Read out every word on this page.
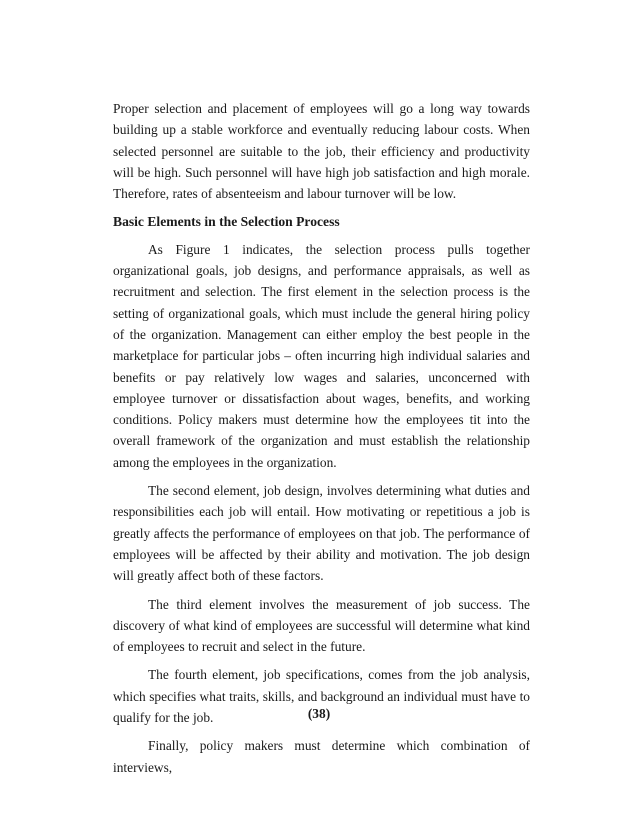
Proper selection and placement of employees will go a long way towards building up a stable workforce and eventually reducing labour costs. When selected personnel are suitable to the job, their efficiency and productivity will be high. Such personnel will have high job satisfaction and high morale. Therefore, rates of absenteeism and labour turnover will be low.

Basic Elements in the Selection Process

As Figure 1 indicates, the selection process pulls together organizational goals, job designs, and performance appraisals, as well as recruitment and selection. The first element in the selection process is the setting of organizational goals, which must include the general hiring policy of the organization. Management can either employ the best people in the marketplace for particular jobs – often incurring high individual salaries and benefits or pay relatively low wages and salaries, unconcerned with employee turnover or dissatisfaction about wages, benefits, and working conditions. Policy makers must determine how the employees tit into the overall framework of the organization and must establish the relationship among the employees in the organization.

The second element, job design, involves determining what duties and responsibilities each job will entail. How motivating or repetitious a job is greatly affects the performance of employees on that job. The performance of employees will be affected by their ability and motivation. The job design will greatly affect both of these factors.

The third element involves the measurement of job success. The discovery of what kind of employees are successful will determine what kind of employees to recruit and select in the future.

The fourth element, job specifications, comes from the job analysis, which specifies what traits, skills, and background an individual must have to qualify for the job.

Finally, policy makers must determine which combination of interviews,

(38)
